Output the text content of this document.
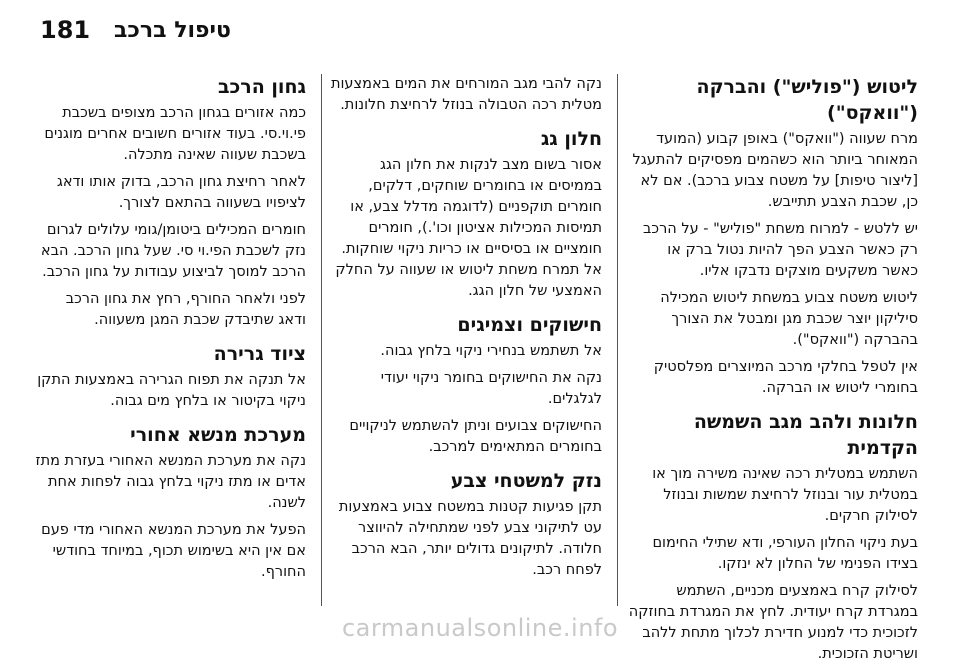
181 טיפול ברכב
ליטוש ("פוליש") והברקה ("וואקס")

מרח שעווה ("וואקס") באופן קבוע (המועד המאוחר ביותר הוא כשהמים מפסיקים להתעגל [ליצור טיפות] על משטח צבוע ברכב). אם לא כן, שכבת הצבע תתייבש.

יש ללטש - למרוח משחת "פוליש" - על הרכב רק כאשר הצבע הפך להיות נטול ברק או כאשר משקעים מוצקים נדבקו אליו.

ליטוש משטח צבוע במשחת ליטוש המכילה סיליקון יוצר שכבת מגן ומבטל את הצורך בהברקה ("וואקס").

אין לטפל בחלקי מרכב המיוצרים מפלסטיק בחומרי ליטוש או הברקה.

חלונות ולהב מגב השמשה הקדמית

השתמש במטלית רכה שאינה משירה מוך או במטלית עור ובנוזל לרחיצת שמשות ובנוזל לסילוק חרקים.

בעת ניקוי החלון העורפי, ודא שתילי החימום בצידו הפנימי של החלון לא ינזקו.

לסילוק קרח באמצעים מכניים, השתמש במגרדת קרח יעודית. לחץ את המגרדת בחוזקה לזכוכית כדי למנוע חדירת לכלוך מתחת ללהב ושריטת הזכוכית.

נקה להבי מגב המורחים את המים באמצעות מטלית רכה הטבולה בנוזל לרחיצת חלונות.

חלון גג

אסור בשום מצב לנקות את חלון הגג בממיסים או בחומרים שוחקים, דלקים, חומרים תוקפניים (לדוגמה מדלל צבע, או תמיסות המכילות אציטון וכו'.), חומרים חומציים או בסיסיים או כריות ניקוי שוחקות. אל תמרח משחת ליטוש או שעווה על החלק האמצעי של חלון הגג.

חישוקים וצמיגים

אל תשתמש בנחירי ניקוי בלחץ גבוה.

נקה את החישוקים בחומר ניקוי יעודי לגלגלים.

החישוקים צבועים וניתן להשתמש לניקויים בחומרים המתאימים למרכב.

נזק למשטחי צבע

תקן פגיעות קטנות במשטח צבוע באמצעות עט לתיקוני צבע לפני שמתחילה להיווצר חלודה. לתיקונים גדולים יותר, הבא הרכב לפחח רכב.

גחון הרכב

כמה אזורים בגחון הרכב מצופים בשכבת פי.וי.סי. בעוד אזורים חשובים אחרים מוגנים בשכבת שעווה שאינה מתכלה.

לאחר רחיצת גחון הרכב, בדוק אותו ודאג לציפויו בשעווה בהתאם לצורך.

חומרים המכילים ביטומן/גומי עלולים לגרום נזק לשכבת הפי.וי סי. שעל גחון הרכב. הבא הרכב למוסך לביצוע עבודות על גחון הרכב.

לפני ולאחר החורף, רחץ את גחון הרכב ודאג שתיבדק שכבת המגן משעווה.

ציוד גרירה

אל תנקה את תפוח הגרירה באמצעות התקן ניקוי בקיטור או בלחץ מים גבוה.

מערכת מנשא אחורי

נקה את מערכת המנשא האחורי בעזרת מתז אדים או מתז ניקוי בלחץ גבוה לפחות אחת לשנה.

הפעל את מערכת המנשא האחורי מדי פעם אם אין היא בשימוש תכוף, במיוחד בחודשי החורף.

carmanualsonline.info
